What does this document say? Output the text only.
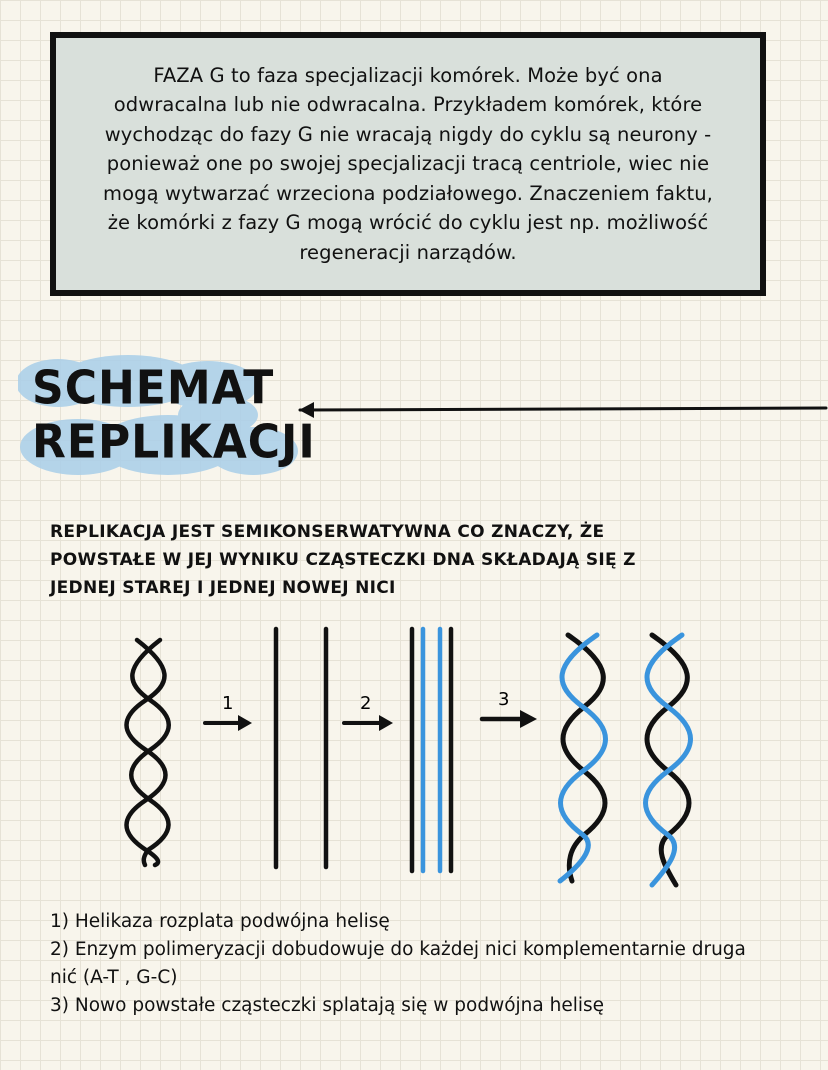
FAZA G to faza specjalizacji komórek. Może być ona odwracalna lub nie odwracalna. Przykładem komórek, które wychodząc do fazy G nie wracają nigdy do cyklu są neurony - ponieważ one po swojej specjalizacji tracą centriole, wiec nie mogą wytwarzać wrzeciona podziałowego. Znaczeniem faktu, że komórki z fazy G mogą wrócić do cyklu jest np. możliwość regeneracji narządów.

SCHEMAT

REPLIKACJI

REPLIKACJA JEST SEMIKONSERWATYWNA CO ZNACZY, ŻE POWSTAŁE W JEJ WYNIKU CZĄSTECZKI DNA SKŁADAJĄ SIĘ Z JEDNEJ STAREJ I JEDNEJ NOWEJ NICI

1	2	3
1) Helikaza rozplata podwójna helisę
2) Enzym polimeryzacji dobudowuje do każdej nici komplementarnie druga nić (A-T , G-C)
3) Nowo powstałe cząsteczki splatają się w podwójna helisę
